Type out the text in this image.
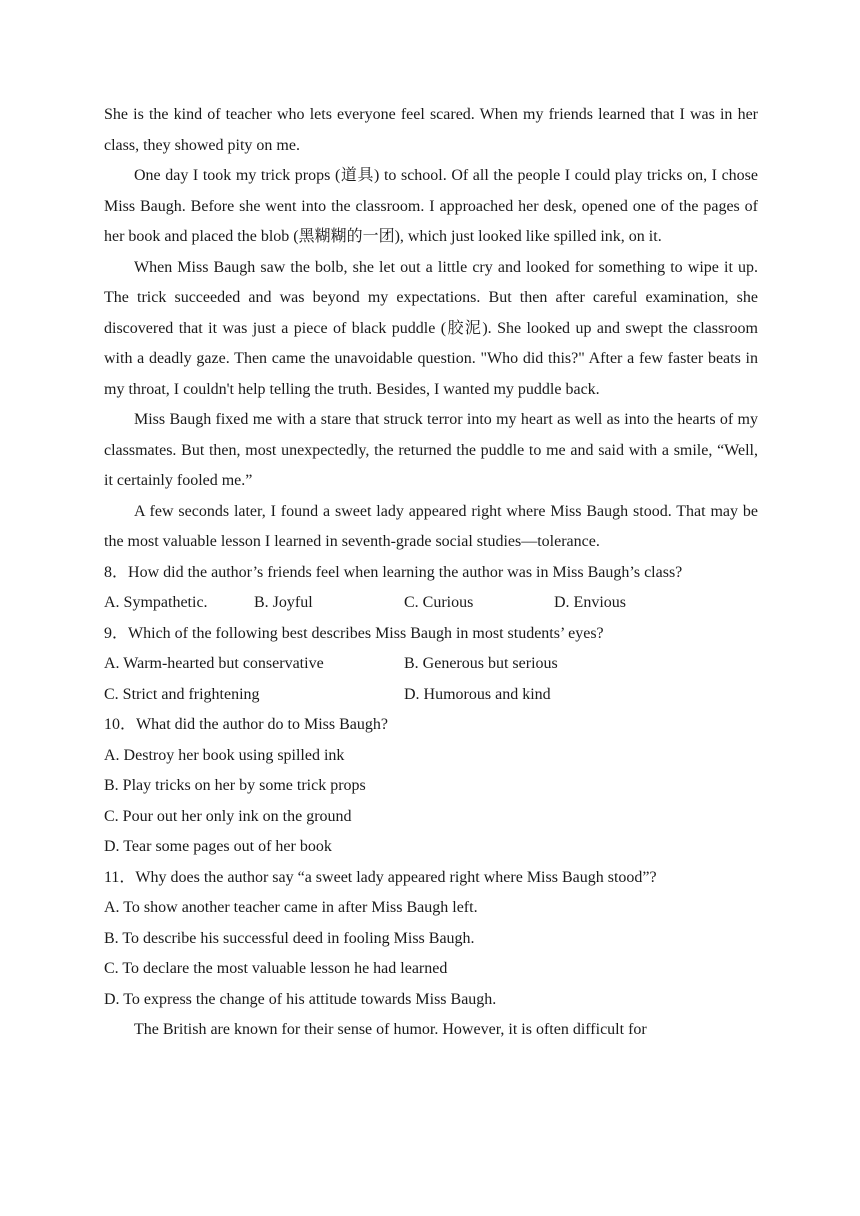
She is the kind of teacher who lets everyone feel scared. When my friends learned that I was in her class, they showed pity on me.

One day I took my trick props (道具) to school. Of all the people I could play tricks on, I chose Miss Baugh. Before she went into the classroom. I approached her desk, opened one of the pages of her book and placed the blob (黑糊糊的一团), which just looked like spilled ink, on it.

When Miss Baugh saw the bolb, she let out a little cry and looked for something to wipe it up. The trick succeeded and was beyond my expectations. But then after careful examination, she discovered that it was just a piece of black puddle (胶泥). She looked up and swept the classroom with a deadly gaze. Then came the unavoidable question. "Who did this?" After a few faster beats in my throat, I couldn't help telling the truth. Besides, I wanted my puddle back.

Miss Baugh fixed me with a stare that struck terror into my heart as well as into the hearts of my classmates. But then, most unexpectedly, the returned the puddle to me and said with a smile, “Well, it certainly fooled me.”

A few seconds later, I found a sweet lady appeared right where Miss Baugh stood. That may be the most valuable lesson I learned in seventh-grade social studies—tolerance.

8．How did the author’s friends feel when learning the author was in Miss Baugh’s class?
A. Sympathetic.	B. Joyful	C. Curious	D. Envious
9．Which of the following best describes Miss Baugh in most students’ eyes?
A. Warm-hearted but conservative	B. Generous but serious
C. Strict and frightening	D. Humorous and kind
10．What did the author do to Miss Baugh?

A. Destroy her book using spilled ink

B. Play tricks on her by some trick props

C. Pour out her only ink on the ground

D. Tear some pages out of her book

11．Why does the author say “a sweet lady appeared right where Miss Baugh stood”?

A. To show another teacher came in after Miss Baugh left.

B. To describe his successful deed in fooling Miss Baugh.

C. To declare the most valuable lesson he had learned

D. To express the change of his attitude towards Miss Baugh.

The British are known for their sense of humor. However, it is often difficult for
